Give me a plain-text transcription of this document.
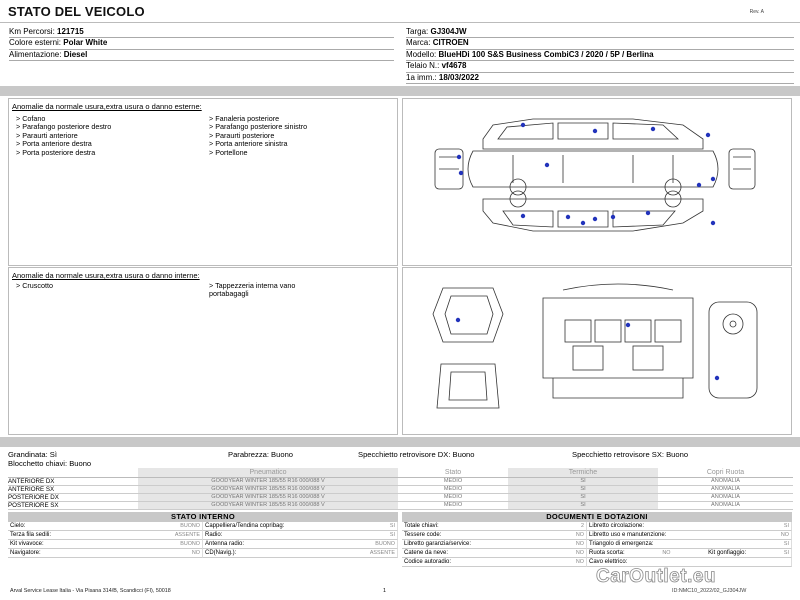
STATO DEL VEICOLO	Rev. A
Km Percorsi: 121715
Colore esterni: Polar White
Alimentazione: Diesel
Targa: GJ304JW
Marca: CITROEN
Modello: BlueHDi 100 S&S Business CombiC3 / 2020 / 5P / Berlina
Telaio N.: vf4678
1a imm.: 18/03/2022
Anomalie da normale usura,extra usura o danno esterne:
> Cofano
> Parafango posteriore destro
> Paraurti anteriore
> Porta anteriore destra
> Porta posteriore destra
> Fanaleria posteriore
> Parafango posteriore sinistro
> Paraurti posteriore
> Porta anteriore sinistra
> Portellone
Anomalie da normale usura,extra usura o danno interne:
> Cruscotto	> Tappezzeria interna vano
portabagagli
Grandinata: Sì	Parabrezza: Buono	Specchietto retrovisore DX: Buono	Specchietto retrovisore SX: Buono
Blocchetto chiavi: Buono
	Pneumatico	Stato	Termiche	Copri Ruota
ANTERIORE DX	GOODYEAR WINTER 185/55 R16 000/088 V	MEDIO	SI	ANOMALIA
ANTERIORE SX	GOODYEAR WINTER 185/55 R16 000/088 V	MEDIO	SI	ANOMALIA
POSTERIORE DX	GOODYEAR WINTER 185/55 R16 000/088 V	MEDIO	SI	ANOMALIA
POSTERIORE SX	GOODYEAR WINTER 185/55 R16 000/088 V	MEDIO	SI	ANOMALIA
STATO INTERNO
Cielo:	BUONO Cappelliera/Tendina copribag:	SI
Terza fila sedili:	ASSENTE Radio:	SI
Kit vivavoce:	BUONO Antenna radio:	BUONO
Navigatore:	NO CD(Navig.):	ASSENTE
DOCUMENTI E DOTAZIONI
Totale chiavi:	2 Libretto circolazione:	SI
Tessere code:	NO Libretto uso e manutenzione:	NO
Libretto garanzia/service:	NO Triangolo di emergenza:	SI
Catene da neve:	NO Ruota scorta:	NO	Kit gonfiaggio:	SI
Codice autoradio:	NO Cavo elettrico:
Arval Service Lease Italia - Via Pisana 314/B, Scandicci (FI), 50018	1	ID:NMC10_2022/02_GJ304JW
CarOutlet.eu
